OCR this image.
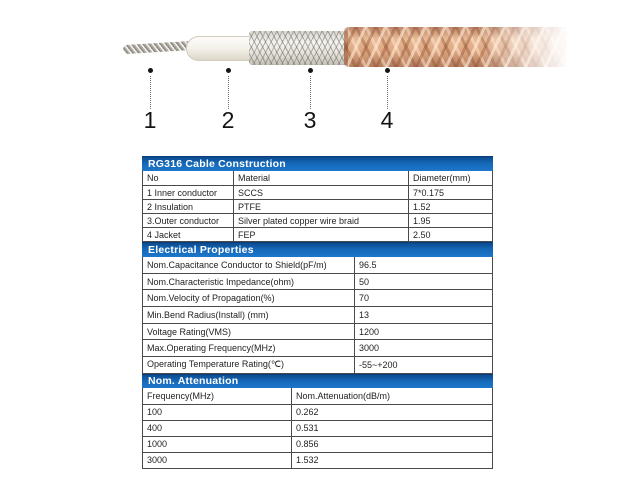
1	2	3	4
RG316 Cable Construction
No	Material	Diameter(mm)
1 Inner conductor	SCCS	7*0.175
2 Insulation	PTFE	1.52
3.Outer conductor	Silver plated copper wire braid	1.95
4 Jacket	FEP	2.50
Electrical Properties
Nom.Capacitance Conductor to Shield(pF/m)	96.5
Nom.Characteristic Impedance(ohm)	50
Nom.Velocity of Propagation(%)	70
Min.Bend Radius(Install) (mm)	13
Voltage Rating(VMS)	1200
Max.Operating Frequency(MHz)	3000
Operating Temperature Rating(℃)	-55~+200
Nom. Attenuation
Frequency(MHz)	Nom.Attenuation(dB/m)
100	0.262
400	0.531
1000	0.856
3000	1.532
